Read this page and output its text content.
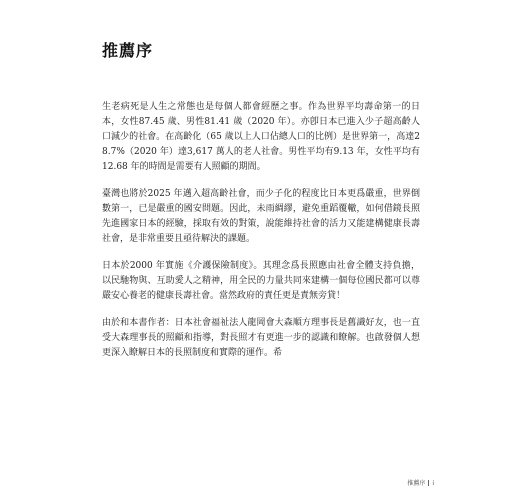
推薦序

生老病死是人生之常態也是每個人都會經歷之事。作為世界平均壽命第一的日本，女性87.45 歲、男性81.41 歲（2020 年）。亦卽日本已進入少子超高齡人口減少的社會。在高齡化（65 歲以上人口佔總人口的比例）是世界第一，高達28.7%（2020 年）達3,617 萬人的老人社會。男性平均有9.13 年，女性平均有12.68 年的時間是需要有人照顧的期間。

臺灣也將於2025 年邁入超高齡社會，而少子化的程度比日本更爲嚴重，世界倒數第一，已是嚴重的國安問題。因此，未雨綢繆，避免重蹈覆轍，如何借鏡長照先進國家日本的經驗，採取有效的對策，說能維持社會的活力又能建構健康長壽社會，是非常重要且亟待解決的課題。

日本於2000 年實施《介護保險制度》。其理念爲長照應由社會全體支持負擔，以民馳物與、互助愛人之精神，用全民的力量共同來建構一個每位國民都可以尊嚴安心養老的健康長壽社會。當然政府的責任更是責無旁貸！

由於和本書作者：日本社會福祉法人龍岡會大森順方理事長是舊識好友，也一直受大森理事長的照顧和指導，對長照才有更進一步的認識和瞭解。也啟發個人想更深入瞭解日本的長照制度和實際的運作。希

推薦序 i
